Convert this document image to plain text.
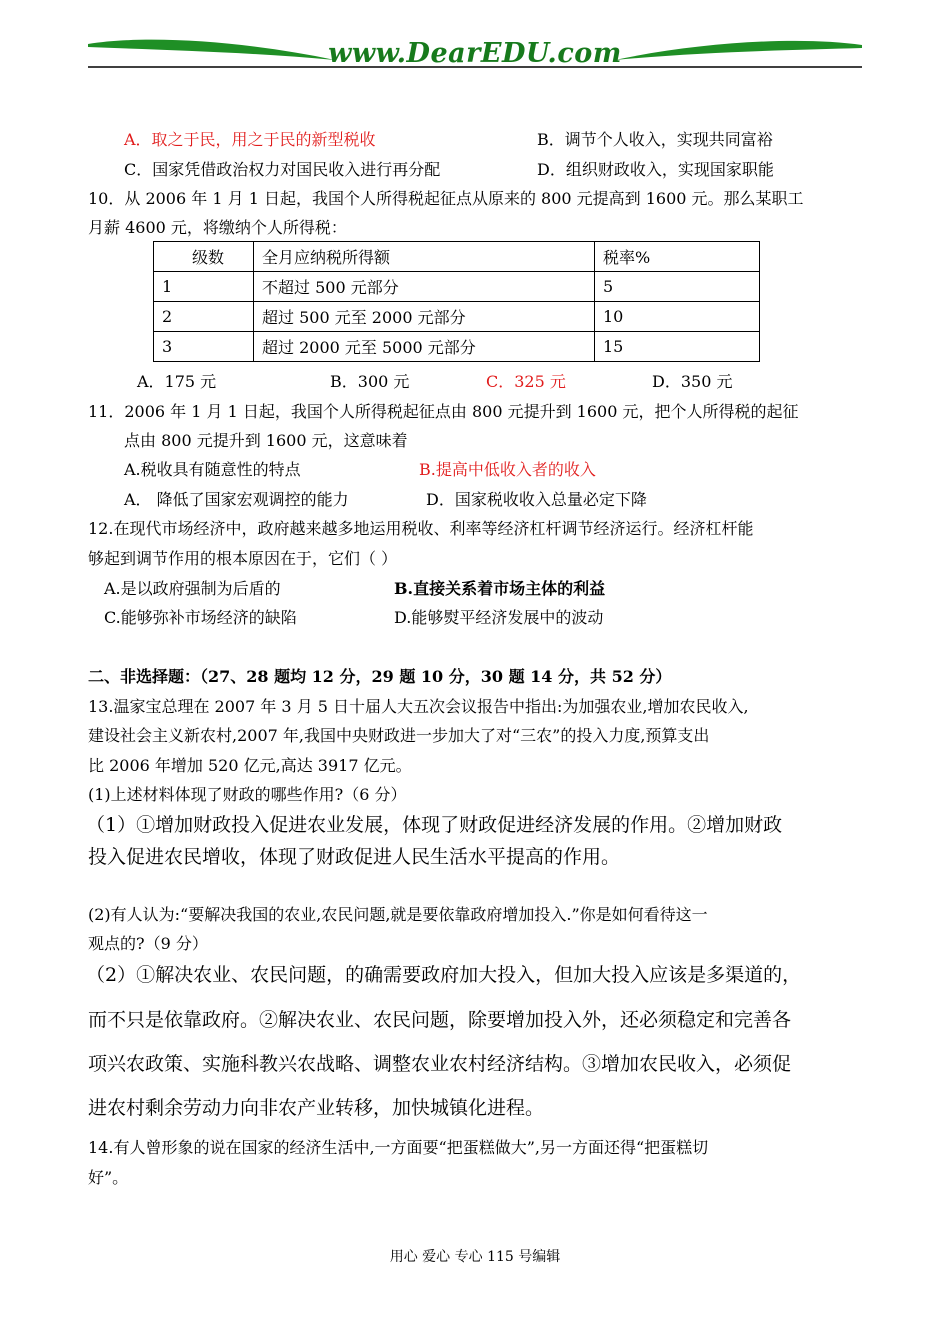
www.DearEDU.com
A．取之于民，用之于民的新型税收	B．调节个人收入，实现共同富裕
C．国家凭借政治权力对国民收入进行再分配	D．组织财政收入，实现国家职能
10．从 2006 年 1 月 1 日起，我国个人所得税起征点从原来的 800 元提高到 1600 元。那么某职工
月薪 4600 元，将缴纳个人所得税：
级数	全月应纳税所得额	税率%
1	不超过 500 元部分	5
2	超过 500 元至 2000 元部分	10
3	超过 2000 元至 5000 元部分	15
A．175 元	B．300 元	C．325 元	D．350 元
11．2006 年 1 月 1 日起，我国个人所得税起征点由 800 元提升到 1600 元，把个人所得税的起征
点由 800 元提升到 1600 元，这意味着
A.税收具有随意性的特点	B.提高中低收入者的收入
A． 降低了国家宏观调控的能力	D．国家税收收入总量必定下降
12.在现代市场经济中，政府越来越多地运用税收、利率等经济杠杆调节经济运行。经济杠杆能
够起到调节作用的根本原因在于，它们（ ）
A.是以政府强制为后盾的	B.直接关系着市场主体的利益
C.能够弥补市场经济的缺陷	D.能够熨平经济发展中的波动
二、非选择题：（27、28 题均 12 分，29 题 10 分，30 题 14 分，共 52 分）
13.温家宝总理在 2007 年 3 月 5 日十届人大五次会议报告中指出:为加强农业,增加农民收入,
建设社会主义新农村,2007 年,我国中央财政进一步加大了对“三农”的投入力度,预算支出
比 2006 年增加 520 亿元,高达 3917 亿元。
(1)上述材料体现了财政的哪些作用?（6 分）
（1）①增加财政投入促进农业发展，体现了财政促进经济发展的作用。②增加财政
投入促进农民增收，体现了财政促进人民生活水平提高的作用。
(2)有人认为:“要解决我国的农业,农民问题,就是要依靠政府增加投入.”你是如何看待这一
观点的?（9 分）
（2）①解决农业、农民问题，的确需要政府加大投入，但加大投入应该是多渠道的，
而不只是依靠政府。②解决农业、农民问题，除要增加投入外，还必须稳定和完善各
项兴农政策、实施科教兴农战略、调整农业农村经济结构。③增加农民收入，必须促
进农村剩余劳动力向非农产业转移，加快城镇化进程。
14.有人曾形象的说在国家的经济生活中,一方面要“把蛋糕做大”,另一方面还得“把蛋糕切
好”。
用心 爱心 专心 115 号编辑
